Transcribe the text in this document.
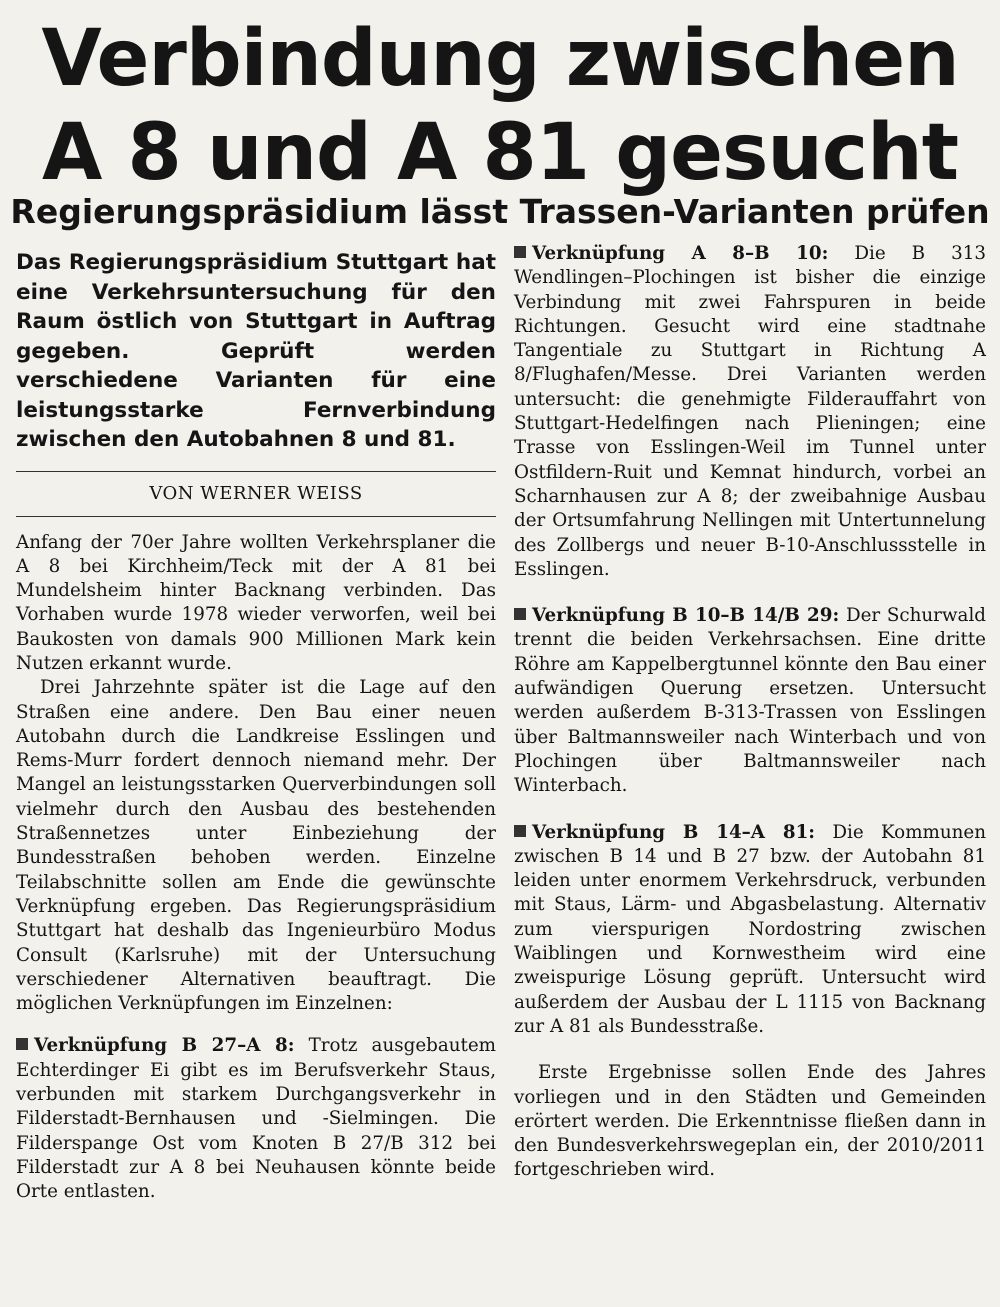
Verbindung zwischen
A 8 und A 81 gesucht
Regierungspräsidium lässt Trassen-Varianten prüfen

Das Regierungspräsidium Stuttgart hat eine Verkehrsuntersuchung für den Raum östlich von Stuttgart in Auftrag gegeben. Geprüft werden verschiedene Varianten für eine leistungsstarke Fernverbindung zwischen den Autobahnen 8 und 81.

VON WERNER WEISS

Anfang der 70er Jahre wollten Verkehrsplaner die A 8 bei Kirchheim/Teck mit der A 81 bei Mundelsheim hinter Backnang verbinden. Das Vorhaben wurde 1978 wieder verworfen, weil bei Baukosten von damals 900 Millionen Mark kein Nutzen erkannt wurde.

Drei Jahrzehnte später ist die Lage auf den Straßen eine andere. Den Bau einer neuen Autobahn durch die Landkreise Esslingen und Rems-Murr fordert dennoch niemand mehr. Der Mangel an leistungsstarken Querverbindungen soll vielmehr durch den Ausbau des bestehenden Straßennetzes unter Einbeziehung der Bundesstraßen behoben werden. Einzelne Teilabschnitte sollen am Ende die gewünschte Verknüpfung ergeben. Das Regierungspräsidium Stuttgart hat deshalb das Ingenieurbüro Modus Consult (Karlsruhe) mit der Untersuchung verschiedener Alternativen beauftragt. Die möglichen Verknüpfungen im Einzelnen:

Verknüpfung B 27–A 8: Trotz ausgebautem Echterdinger Ei gibt es im Berufsverkehr Staus, verbunden mit starkem Durchgangsverkehr in Filderstadt-Bernhausen und -Sielmingen. Die Filderspange Ost vom Knoten B 27/B 312 bei Filderstadt zur A 8 bei Neuhausen könnte beide Orte entlasten.

Verknüpfung A 8–B 10: Die B 313 Wendlingen–Plochingen ist bisher die einzige Verbindung mit zwei Fahrspuren in beide Richtungen. Gesucht wird eine stadtnahe Tangentiale zu Stuttgart in Richtung A 8/Flughafen/Messe. Drei Varianten werden untersucht: die genehmigte Filderauffahrt von Stuttgart-Hedelfingen nach Plieningen; eine Trasse von Esslingen-Weil im Tunnel unter Ostfildern-Ruit und Kemnat hindurch, vorbei an Scharnhausen zur A 8; der zweibahnige Ausbau der Ortsumfahrung Nellingen mit Untertunnelung des Zollbergs und neuer B-10-Anschlussstelle in Esslingen.

Verknüpfung B 10–B 14/B 29: Der Schurwald trennt die beiden Verkehrsachsen. Eine dritte Röhre am Kappelbergtunnel könnte den Bau einer aufwändigen Querung ersetzen. Untersucht werden außerdem B-313-Trassen von Esslingen über Baltmannsweiler nach Winterbach und von Plochingen über Baltmannsweiler nach Winterbach.

Verknüpfung B 14–A 81: Die Kommunen zwischen B 14 und B 27 bzw. der Autobahn 81 leiden unter enormem Verkehrsdruck, verbunden mit Staus, Lärm- und Abgasbelastung. Alternativ zum vierspurigen Nordostring zwischen Waiblingen und Kornwestheim wird eine zweispurige Lösung geprüft. Untersucht wird außerdem der Ausbau der L 1115 von Backnang zur A 81 als Bundesstraße.

Erste Ergebnisse sollen Ende des Jahres vorliegen und in den Städten und Gemeinden erörtert werden. Die Erkenntnisse fließen dann in den Bundesverkehrswegeplan ein, der 2010/2011 fortgeschrieben wird.
